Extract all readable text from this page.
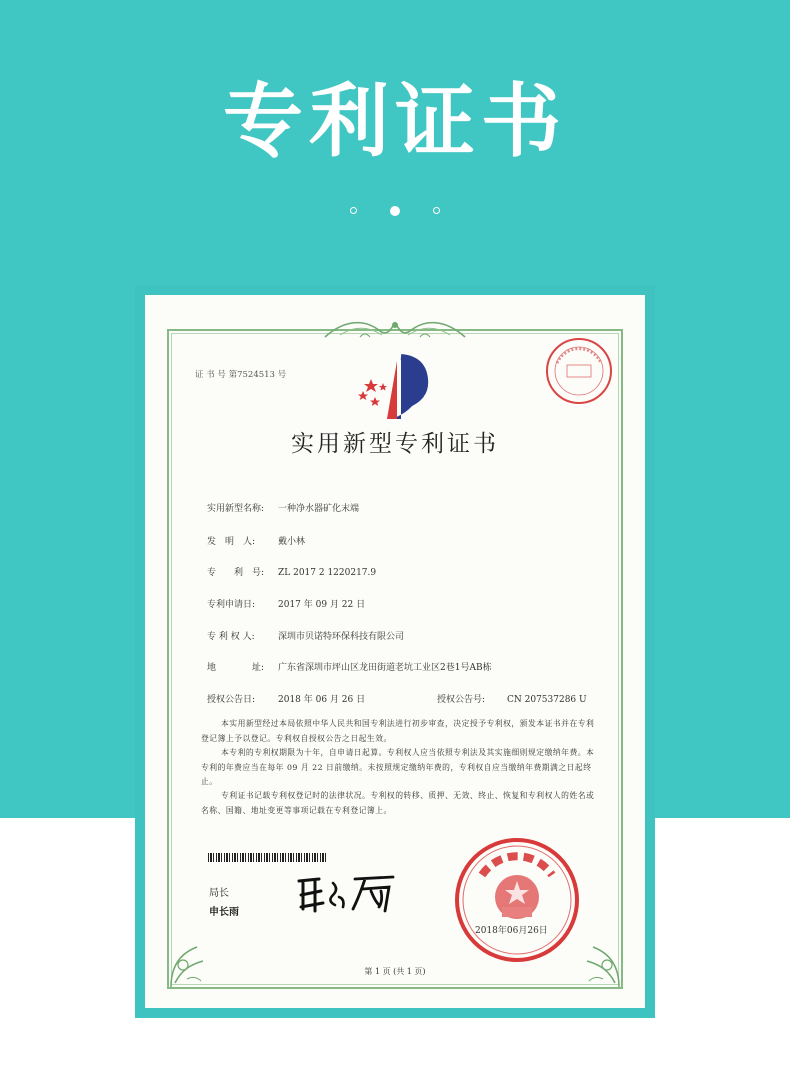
专利证书

证 书 号 第7524513 号
实用新型专利证书
实用新型名称: 一种净水器矿化末端
发　明　人:	戴小林
专　　利　号: ZL 2017 2 1220217.9
专利申请日:	2017 年 09 月 22 日
专 利 权 人:	深圳市贝诺特环保科技有限公司
地　　　　址: 广东省深圳市坪山区龙田街道老坑工业区2巷1号AB栋
授权公告日:	2018 年 06 月 26 日	授权公告号: CN 207537286 U
本实用新型经过本局依照中华人民共和国专利法进行初步审查，决定授予专利权，颁发本证书并在专利登记簿上予以登记。专利权自授权公告之日起生效。
本专利的专利权期限为十年，自申请日起算。专利权人应当依照专利法及其实施细则规定缴纳年费。本专利的年费应当在每年 09 月 22 日前缴纳。未按照规定缴纳年费的，专利权自应当缴纳年费期满之日起终止。
专利证书记载专利权登记时的法律状况。专利权的转移、质押、无效、终止、恢复和专利权人的姓名或名称、国籍、地址变更等事项记载在专利登记簿上。
局长
申长雨
2018年06月26日
第 1 页 (共 1 页)
